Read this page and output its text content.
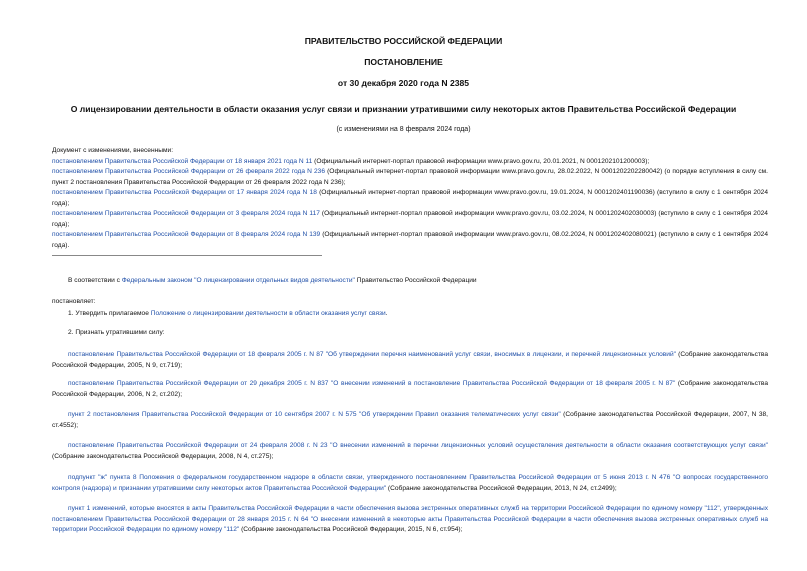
ПРАВИТЕЛЬСТВО РОССИЙСКОЙ ФЕДЕРАЦИИ
ПОСТАНОВЛЕНИЕ
от 30 декабря 2020 года N 2385
О лицензировании деятельности в области оказания услуг связи и признании утратившими силу некоторых актов Правительства Российской Федерации
(с изменениями на 8 февраля 2024 года)

Документ с изменениями, внесенными:

постановлением Правительства Российской Федерации от 18 января 2021 года N 11 (Официальный интернет-портал правовой информации www.pravo.gov.ru, 20.01.2021, N 0001202101200003);

постановлением Правительства Российской Федерации от 26 февраля 2022 года N 236 (Официальный интернет-портал правовой информации www.pravo.gov.ru, 28.02.2022, N 0001202202280042) (о порядке вступления в силу см. пункт 2 постановления Правительства Российской Федерации от 26 февраля 2022 года N 236);

постановлением Правительства Российской Федерации от 17 января 2024 года N 18 (Официальный интернет-портал правовой информации www.pravo.gov.ru, 19.01.2024, N 0001202401190036) (вступило в силу с 1 сентября 2024 года);

постановлением Правительства Российской Федерации от 3 февраля 2024 года N 117 (Официальный интернет-портал правовой информации www.pravo.gov.ru, 03.02.2024, N 0001202402030003) (вступило в силу с 1 сентября 2024 года);

постановлением Правительства Российской Федерации от 8 февраля 2024 года N 139 (Официальный интернет-портал правовой информации www.pravo.gov.ru, 08.02.2024, N 0001202402080021) (вступило в силу с 1 сентября 2024 года).

В соответствии с Федеральным законом "О лицензировании отдельных видов деятельности" Правительство Российской Федерации

постановляет:

1. Утвердить прилагаемое Положение о лицензировании деятельности в области оказания услуг связи.

2. Признать утратившими силу:

постановление Правительства Российской Федерации от 18 февраля 2005 г. N 87 "Об утверждении перечня наименований услуг связи, вносимых в лицензии, и перечней лицензионных условий" (Собрание законодательства Российской Федерации, 2005, N 9, ст.719);

постановление Правительства Российской Федерации от 29 декабря 2005 г. N 837 "О внесении изменений в постановление Правительства Российской Федерации от 18 февраля 2005 г. N 87" (Собрание законодательства Российской Федерации, 2006, N 2, ст.202);

пункт 2 постановления Правительства Российской Федерации от 10 сентября 2007 г. N 575 "Об утверждении Правил оказания телематических услуг связи" (Собрание законодательства Российской Федерации, 2007, N 38, ст.4552);

постановление Правительства Российской Федерации от 24 февраля 2008 г. N 23 "О внесении изменений в перечни лицензионных условий осуществления деятельности в области оказания соответствующих услуг связи" (Собрание законодательства Российской Федерации, 2008, N 4, ст.275);

подпункт "ж" пункта 8 Положения о федеральном государственном надзоре в области связи, утвержденного постановлением Правительства Российской Федерации от 5 июня 2013 г. N 476 "О вопросах государственного контроля (надзора) и признании утратившими силу некоторых актов Правительства Российской Федерации" (Собрание законодательства Российской Федерации, 2013, N 24, ст.2499);

пункт 1 изменений, которые вносятся в акты Правительства Российской Федерации в части обеспечения вызова экстренных оперативных служб на территории Российской Федерации по единому номеру "112", утвержденных постановлением Правительства Российской Федерации от 28 января 2015 г. N 64 "О внесении изменений в некоторые акты Правительства Российской Федерации в части обеспечения вызова экстренных оперативных служб на территории Российской Федерации по единому номеру "112" (Собрание законодательства Российской Федерации, 2015, N 6, ст.954);
